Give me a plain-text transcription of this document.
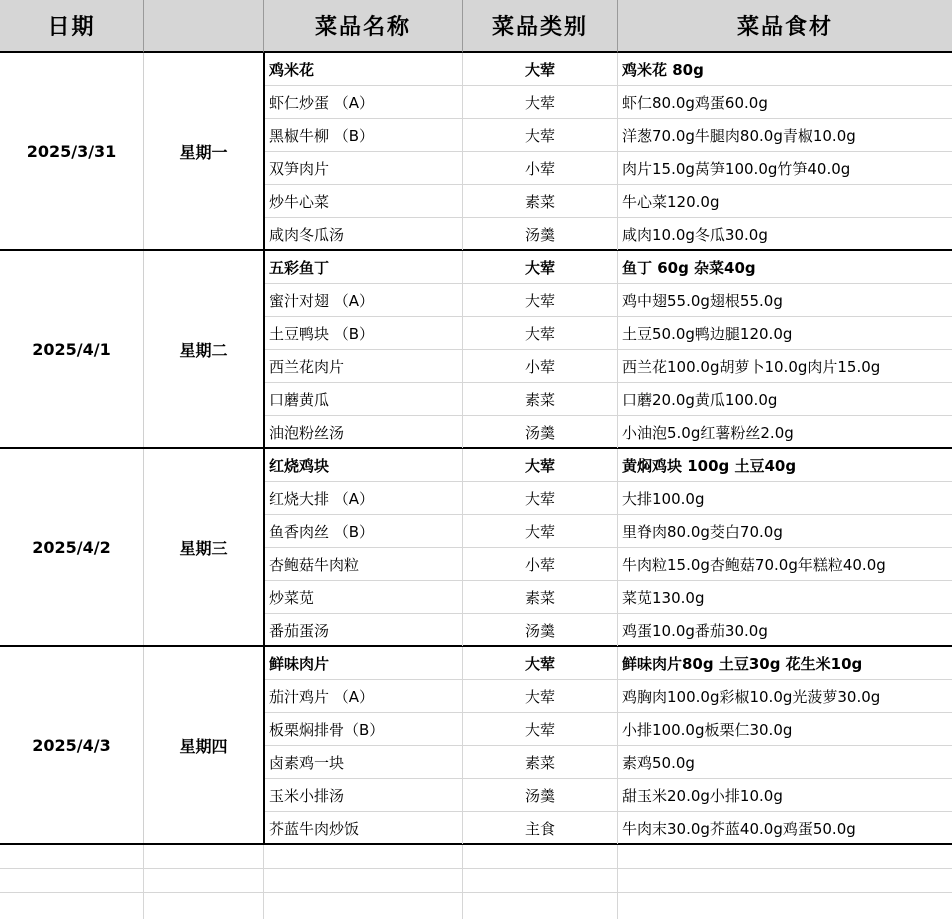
日期	菜品名称	菜品类别	菜品食材
2025/3/31	星期一
鸡米花	大荤	鸡米花 80g
虾仁炒蛋 （A）	大荤	虾仁80.0g鸡蛋60.0g
黑椒牛柳 （B）	大荤	洋葱70.0g牛腿肉80.0g青椒10.0g
双笋肉片	小荤	肉片15.0g莴笋100.0g竹笋40.0g
炒牛心菜	素菜	牛心菜120.0g
咸肉冬瓜汤	汤羹	咸肉10.0g冬瓜30.0g
2025/4/1	星期二
五彩鱼丁	大荤	鱼丁 60g 杂菜40g
蜜汁对翅 （A）	大荤	鸡中翅55.0g翅根55.0g
土豆鸭块 （B）	大荤	土豆50.0g鸭边腿120.0g
西兰花肉片	小荤	西兰花100.0g胡萝卜10.0g肉片15.0g
口蘑黄瓜	素菜	口蘑20.0g黄瓜100.0g
油泡粉丝汤	汤羹	小油泡5.0g红薯粉丝2.0g
2025/4/2	星期三
红烧鸡块	大荤	黄焖鸡块 100g 土豆40g
红烧大排 （A）	大荤	大排100.0g
鱼香肉丝 （B）	大荤	里脊肉80.0g茭白70.0g
杏鲍菇牛肉粒	小荤	牛肉粒15.0g杏鲍菇70.0g年糕粒40.0g
炒菜苋	素菜	菜苋130.0g
番茄蛋汤	汤羹	鸡蛋10.0g番茄30.0g
2025/4/3	星期四
鲜味肉片	大荤	鲜味肉片80g 土豆30g 花生米10g
茄汁鸡片 （A）	大荤	鸡胸肉100.0g彩椒10.0g光菠萝30.0g
板栗焖排骨（B）	大荤	小排100.0g板栗仁30.0g
卤素鸡一块	素菜	素鸡50.0g
玉米小排汤	汤羹	甜玉米20.0g小排10.0g
芥蓝牛肉炒饭	主食	牛肉末30.0g芥蓝40.0g鸡蛋50.0g
